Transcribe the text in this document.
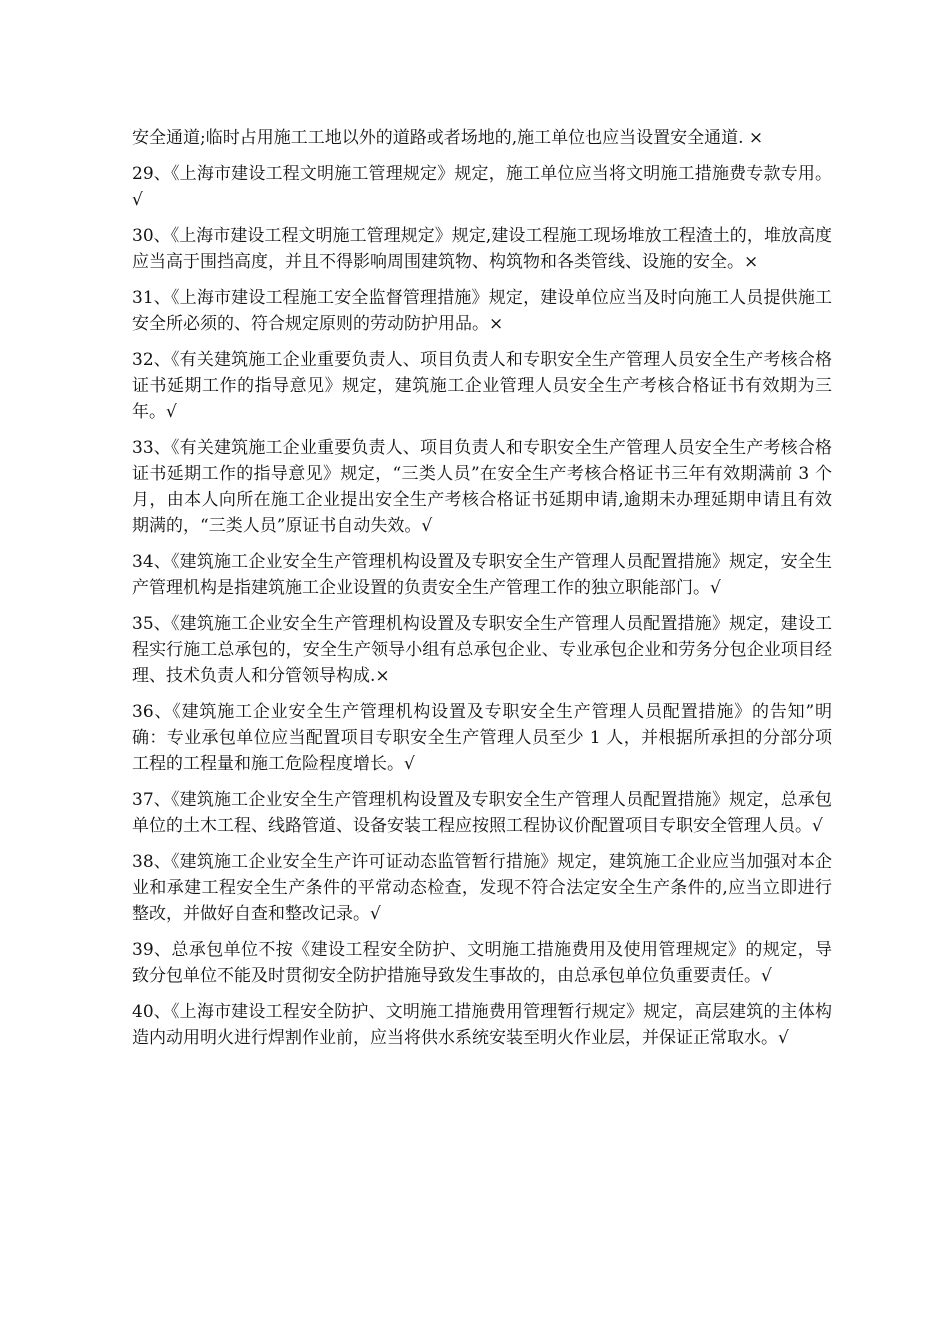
安全通道;临时占用施工工地以外的道路或者场地的,施工单位也应当设置安全通道. ×

29、《上海市建设工程文明施工管理规定》规定，施工单位应当将文明施工措施费专款专用。√

30、《上海市建设工程文明施工管理规定》规定,建设工程施工现场堆放工程渣土的，堆放高度应当高于围挡高度，并且不得影响周围建筑物、构筑物和各类管线、设施的安全。×

31、《上海市建设工程施工安全监督管理措施》规定，建设单位应当及时向施工人员提供施工安全所必须的、符合规定原则的劳动防护用品。×

32、《有关建筑施工企业重要负责人、项目负责人和专职安全生产管理人员安全生产考核合格证书延期工作的指导意见》规定，建筑施工企业管理人员安全生产考核合格证书有效期为三年。√

33、《有关建筑施工企业重要负责人、项目负责人和专职安全生产管理人员安全生产考核合格证书延期工作的指导意见》规定，“三类人员”在安全生产考核合格证书三年有效期满前 3 个月，由本人向所在施工企业提出安全生产考核合格证书延期申请,逾期未办理延期申请且有效期满的，“三类人员”原证书自动失效。√

34、《建筑施工企业安全生产管理机构设置及专职安全生产管理人员配置措施》规定，安全生产管理机构是指建筑施工企业设置的负责安全生产管理工作的独立职能部门。√

35、《建筑施工企业安全生产管理机构设置及专职安全生产管理人员配置措施》规定，建设工程实行施工总承包的，安全生产领导小组有总承包企业、专业承包企业和劳务分包企业项目经理、技术负责人和分管领导构成.×

36、《建筑施工企业安全生产管理机构设置及专职安全生产管理人员配置措施》的告知”明确：专业承包单位应当配置项目专职安全生产管理人员至少 1 人，并根据所承担的分部分项工程的工程量和施工危险程度增长。√

37、《建筑施工企业安全生产管理机构设置及专职安全生产管理人员配置措施》规定，总承包单位的土木工程、线路管道、设备安装工程应按照工程协议价配置项目专职安全管理人员。√

38、《建筑施工企业安全生产许可证动态监管暂行措施》规定，建筑施工企业应当加强对本企业和承建工程安全生产条件的平常动态检查，发现不符合法定安全生产条件的,应当立即进行整改，并做好自查和整改记录。√

39、总承包单位不按《建设工程安全防护、文明施工措施费用及使用管理规定》的规定，导致分包单位不能及时贯彻安全防护措施导致发生事故的，由总承包单位负重要责任。√

40、《上海市建设工程安全防护、文明施工措施费用管理暂行规定》规定，高层建筑的主体构造内动用明火进行焊割作业前，应当将供水系统安装至明火作业层，并保证正常取水。√
